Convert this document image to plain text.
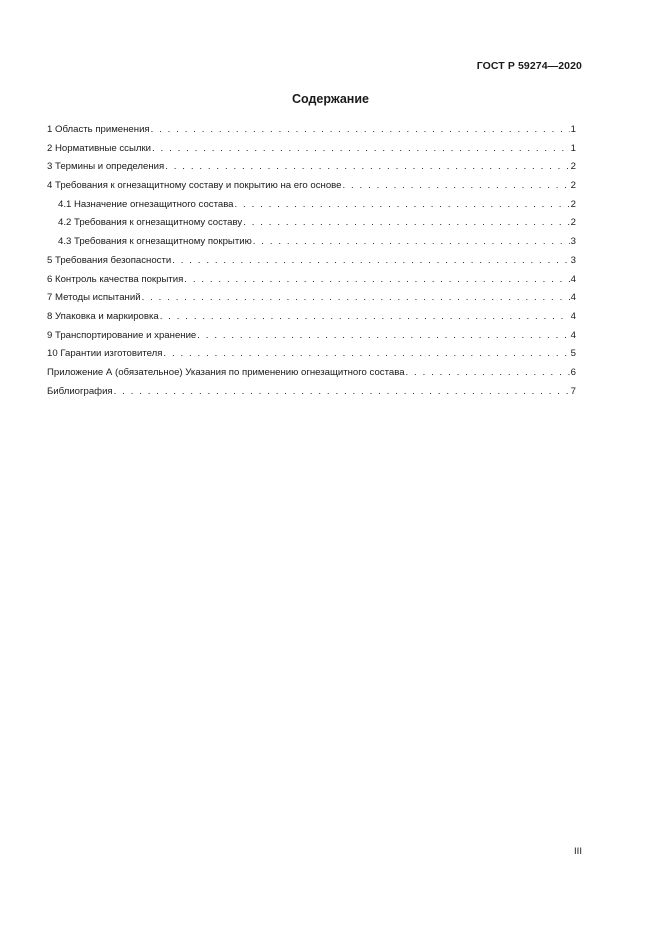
ГОСТ Р 59274—2020
Содержание
1 Область применения . . .	1
2 Нормативные ссылки . . .	1
3 Термины и определения . . .	2
4 Требования к огнезащитному составу и покрытию на его основе . . .	2
4.1 Назначение огнезащитного состава . . .	2
4.2 Требования к огнезащитному составу . . .	2
4.3 Требования к огнезащитному покрытию . . .	3
5 Требования безопасности . . .	3
6 Контроль качества покрытия . . .	4
7 Методы испытаний . . .	4
8 Упаковка и маркировка . . .	4
9 Транспортирование и хранение . . .	4
10 Гарантии изготовителя . . .	5
Приложение А (обязательное) Указания по применению огнезащитного состава . . .	6
Библиография . . .	7
III
